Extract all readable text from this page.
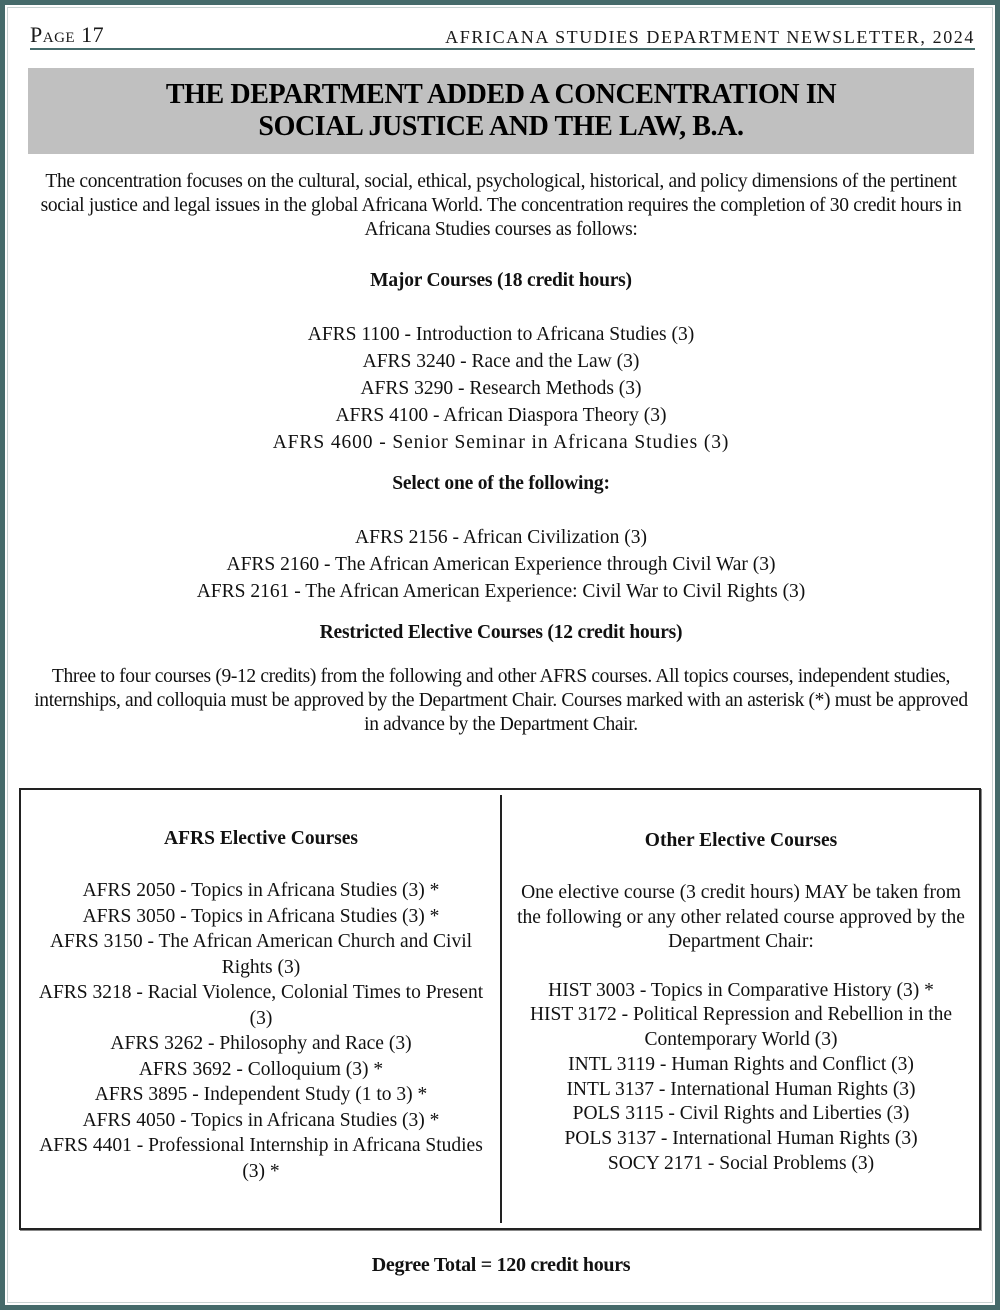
Page 17	AFRICANA STUDIES DEPARTMENT NEWSLETTER, 2024
THE DEPARTMENT ADDED A CONCENTRATION IN
SOCIAL JUSTICE AND THE LAW, B.A.

The concentration focuses on the cultural, social, ethical, psychological, historical, and policy dimensions of the pertinent social justice and legal issues in the global Africana World. The concentration requires the completion of 30 credit hours in Africana Studies courses as follows:

Major Courses (18 credit hours)

AFRS 1100 - Introduction to Africana Studies (3)
AFRS 3240 - Race and the Law (3)
AFRS 3290 - Research Methods (3)
AFRS 4100 - African Diaspora Theory (3)
AFRS 4600 - Senior Seminar in Africana Studies (3)

Select one of the following:

AFRS 2156 - African Civilization (3)
AFRS 2160 - The African American Experience through Civil War (3)
AFRS 2161 - The African American Experience: Civil War to Civil Rights (3)

Restricted Elective Courses (12 credit hours)

Three to four courses (9-12 credits) from the following and other AFRS courses. All topics courses, independent studies, internships, and colloquia must be approved by the Department Chair. Courses marked with an asterisk (*) must be approved in advance by the Department Chair.

AFRS Elective Courses

AFRS 2050 - Topics in Africana Studies (3) *
AFRS 3050 - Topics in Africana Studies (3) *
AFRS 3150 - The African American Church and Civil Rights (3)
AFRS 3218 - Racial Violence, Colonial Times to Present (3)
AFRS 3262 - Philosophy and Race (3)
AFRS 3692 - Colloquium (3) *
AFRS 3895 - Independent Study (1 to 3) *
AFRS 4050 - Topics in Africana Studies (3) *
AFRS 4401 - Professional Internship in Africana Studies (3) *

Other Elective Courses

One elective course (3 credit hours) MAY be taken from the following or any other related course approved by the Department Chair:

HIST 3003 - Topics in Comparative History (3) *
HIST 3172 - Political Repression and Rebellion in the Contemporary World (3)
INTL 3119 - Human Rights and Conflict (3)
INTL 3137 - International Human Rights (3)
POLS 3115 - Civil Rights and Liberties (3)
POLS 3137 - International Human Rights (3)
SOCY 2171 - Social Problems (3)
Degree Total = 120 credit hours
